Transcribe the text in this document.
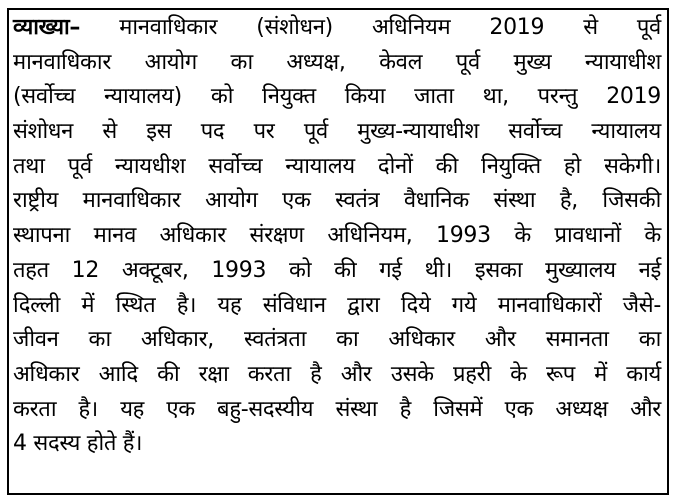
व्याख्या– मानवाधिकार (संशोधन) अधिनियम 2019 से पूर्व
मानवाधिकार आयोग का अध्यक्ष, केवल पूर्व मुख्य न्यायाधीश
(सर्वोच्च न्यायालय) को नियुक्त किया जाता था, परन्तु 2019
संशोधन से इस पद पर पूर्व मुख्य-न्यायाधीश सर्वोच्च न्यायालय
तथा पूर्व न्यायधीश सर्वोच्च न्यायालय दोनों की नियुक्ति हो सकेगी।
राष्ट्रीय मानवाधिकार आयोग एक स्वतंत्र वैधानिक संस्था है, जिसकी
स्थापना मानव अधिकार संरक्षण अधिनियम, 1993 के प्रावधानों के
तहत 12 अक्टूबर, 1993 को की गई थी। इसका मुख्यालय नई
दिल्ली में स्थित है। यह संविधान द्वारा दिये गये मानवाधिकारों जैसे-
जीवन का अधिकार, स्वतंत्रता का अधिकार और समानता का
अधिकार आदि की रक्षा करता है और उसके प्रहरी के रूप में कार्य
करता है। यह एक बहु-सदस्यीय संस्था है जिसमें एक अध्यक्ष और
4 सदस्य होते हैं।
